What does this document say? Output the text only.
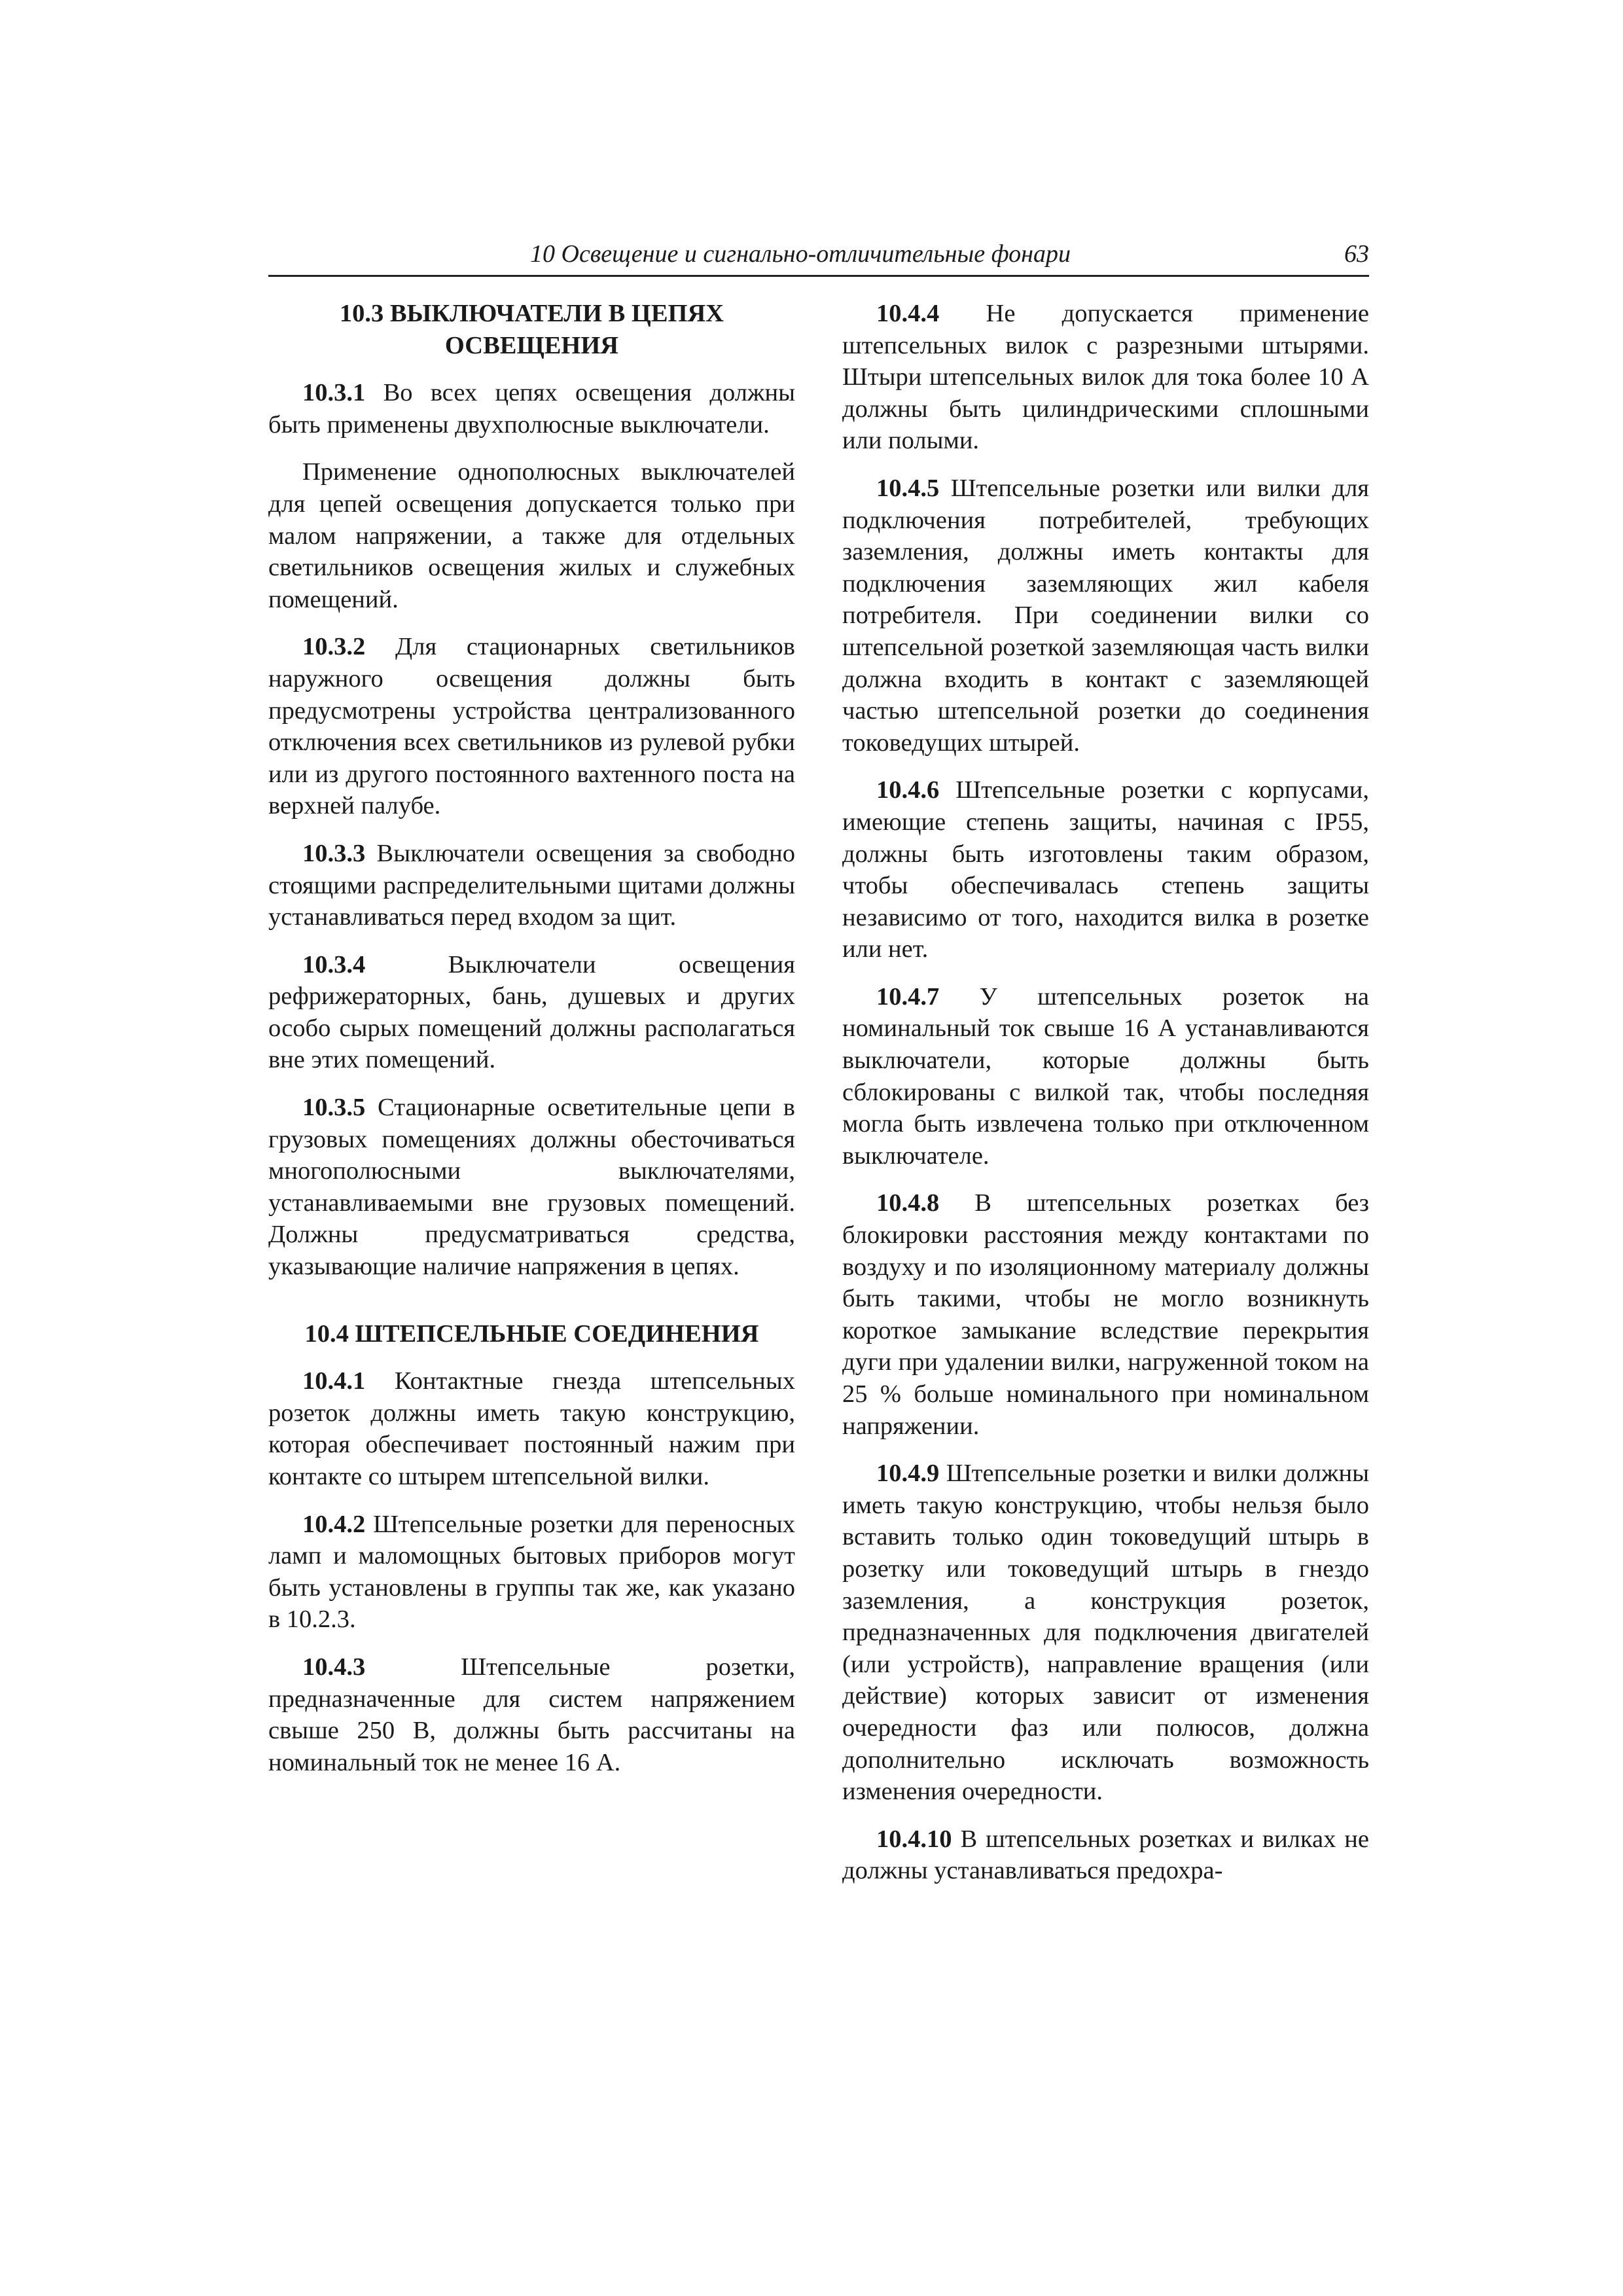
10 Освещение и сигнально-отличительные фонари	63
10.3 ВЫКЛЮЧАТЕЛИ В ЦЕПЯХ ОСВЕЩЕНИЯ

10.3.1 Во всех цепях освещения должны быть применены двухполюсные выключатели.

Применение однополюсных выключателей для цепей освещения допускается только при малом напряжении, а также для отдельных светильников освещения жилых и служебных помещений.

10.3.2 Для стационарных светильников наружного освещения должны быть предусмотрены устройства централизованного отключения всех светильников из рулевой рубки или из другого постоянного вахтенного поста на верхней палубе.

10.3.3 Выключатели освещения за свободно стоящими распределительными щитами должны устанавливаться перед входом за щит.

10.3.4 Выключатели освещения рефрижераторных, бань, душевых и других особо сырых помещений должны располагаться вне этих помещений.

10.3.5 Стационарные осветительные цепи в грузовых помещениях должны обесточиваться многополюсными выключателями, устанавливаемыми вне грузовых помещений. Должны предусматриваться средства, указывающие наличие напряжения в цепях.

10.4 ШТЕПСЕЛЬНЫЕ СОЕДИНЕНИЯ

10.4.1 Контактные гнезда штепсельных розеток должны иметь такую конструкцию, которая обеспечивает постоянный нажим при контакте со штырем штепсельной вилки.

10.4.2 Штепсельные розетки для переносных ламп и маломощных бытовых приборов могут быть установлены в группы так же, как указано в 10.2.3.

10.4.3 Штепсельные розетки, предназначенные для систем напряжением свыше 250 В, должны быть рассчитаны на номинальный ток не менее 16 А.

10.4.4 Не допускается применение штепсельных вилок с разрезными штырями. Штыри штепсельных вилок для тока более 10 А должны быть цилиндрическими сплошными или полыми.

10.4.5 Штепсельные розетки или вилки для подключения потребителей, требующих заземления, должны иметь контакты для подключения заземляющих жил кабеля потребителя. При соединении вилки со штепсельной розеткой заземляющая часть вилки должна входить в контакт с заземляющей частью штепсельной розетки до соединения токоведущих штырей.

10.4.6 Штепсельные розетки с корпусами, имеющие степень защиты, начиная с IP55, должны быть изготовлены таким образом, чтобы обеспечивалась степень защиты независимо от того, находится вилка в розетке или нет.

10.4.7 У штепсельных розеток на номинальный ток свыше 16 А устанавливаются выключатели, которые должны быть сблокированы с вилкой так, чтобы последняя могла быть извлечена только при отключенном выключателе.

10.4.8 В штепсельных розетках без блокировки расстояния между контактами по воздуху и по изоляционному материалу должны быть такими, чтобы не могло возникнуть короткое замыкание вследствие перекрытия дуги при удалении вилки, нагруженной током на 25 % больше номинального при номинальном напряжении.

10.4.9 Штепсельные розетки и вилки должны иметь такую конструкцию, чтобы нельзя было вставить только один токоведущий штырь в розетку или токоведущий штырь в гнездо заземления, а конструкция розеток, предназначенных для подключения двигателей (или устройств), направление вращения (или действие) которых зависит от изменения очередности фаз или полюсов, должна дополнительно исключать возможность изменения очередности.

10.4.10 В штепсельных розетках и вилках не должны устанавливаться предохра-
